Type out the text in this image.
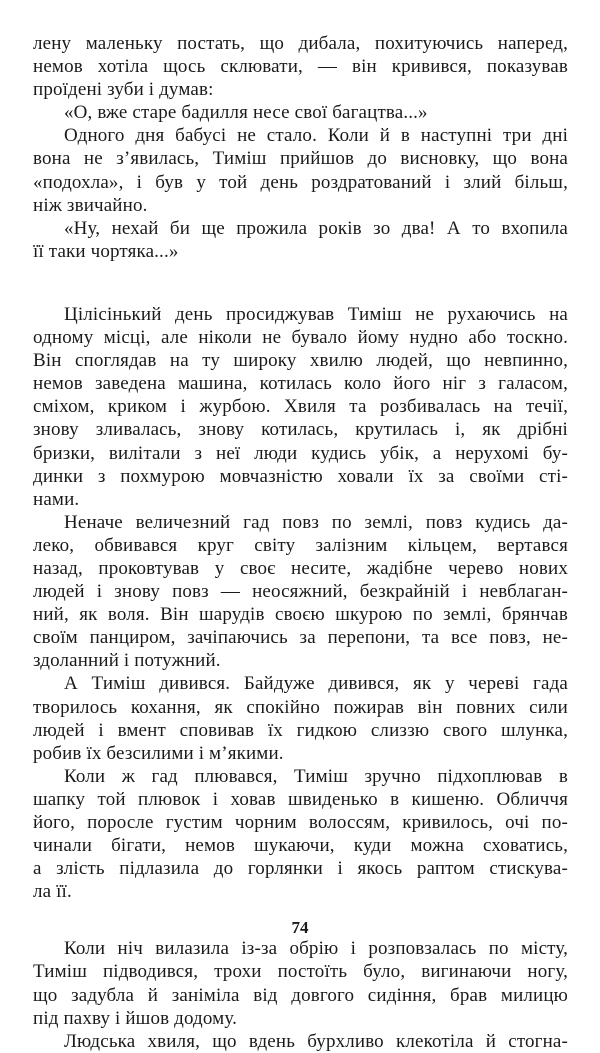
лену маленьку постать, що дибала, похитуючись наперед,
немов хотіла щось склювати, — він кривився, показував
проїдені зуби і думав:
«О, вже старе бадилля несе свої багацтва...»
Одного дня бабусі не стало. Коли й в наступні три дні
вона не з’явилась, Тиміш прийшов до висновку, що вона
«подохла», і був у той день роздратований і злий більш,
ніж звичайно.
«Ну, нехай би ще прожила років зо два! А то вхопила
її таки чортяка...»
Цілісінький день просиджував Тиміш не рухаючись на
одному місці, але ніколи не бувало йому нудно або тоскно.
Він споглядав на ту широку хвилю людей, що невпинно,
немов заведена машина, котилась коло його ніг з галасом,
сміхом, криком і журбою. Хвиля та розбивалась на течії,
знову зливалась, знову котилась, крутилась і, як дрібні
бризки, вилітали з неї люди кудись убік, а нерухомі бу-
динки з похмурою мовчазністю ховали їх за своїми сті-
нами.
Неначе величезний гад повз по землі, повз кудись да-
леко, обвивався круг світу залізним кільцем, вертався
назад, проковтував у своє несите, жадібне черево нових
людей і знову повз — неосяжний, безкрайній і невблаган-
ний, як воля. Він шарудів своєю шкурою по землі, брянчав
своїм панциром, зачіпаючись за перепони, та все повз, не-
здоланний і потужний.
А Тиміш дивився. Байдуже дивився, як у череві гада
творилось кохання, як спокійно пожирав він повних сили
людей і вмент сповивав їх гидкою слиззю свого шлунка,
робив їх безсилими і м’якими.
Коли ж гад плювався, Тиміш зручно підхоплював в
шапку той плювок і ховав швиденько в кишеню. Обличчя
його, поросле густим чорним волоссям, кривилось, очі по-
чинали бігати, немов шукаючи, куди можна сховатись,
а злість підлазила до горлянки і якось раптом стискува-
ла її.
Коли ніч вилазила із-за обрію і розповзалась по місту,
Тиміш підводився, трохи постоїть було, вигинаючи ногу,
що задубла й заніміла від довгого сидіння, брав милицю
під пахву і йшов додому.
Людська хвиля, що вдень бурхливо клекотіла й стогна-
74
